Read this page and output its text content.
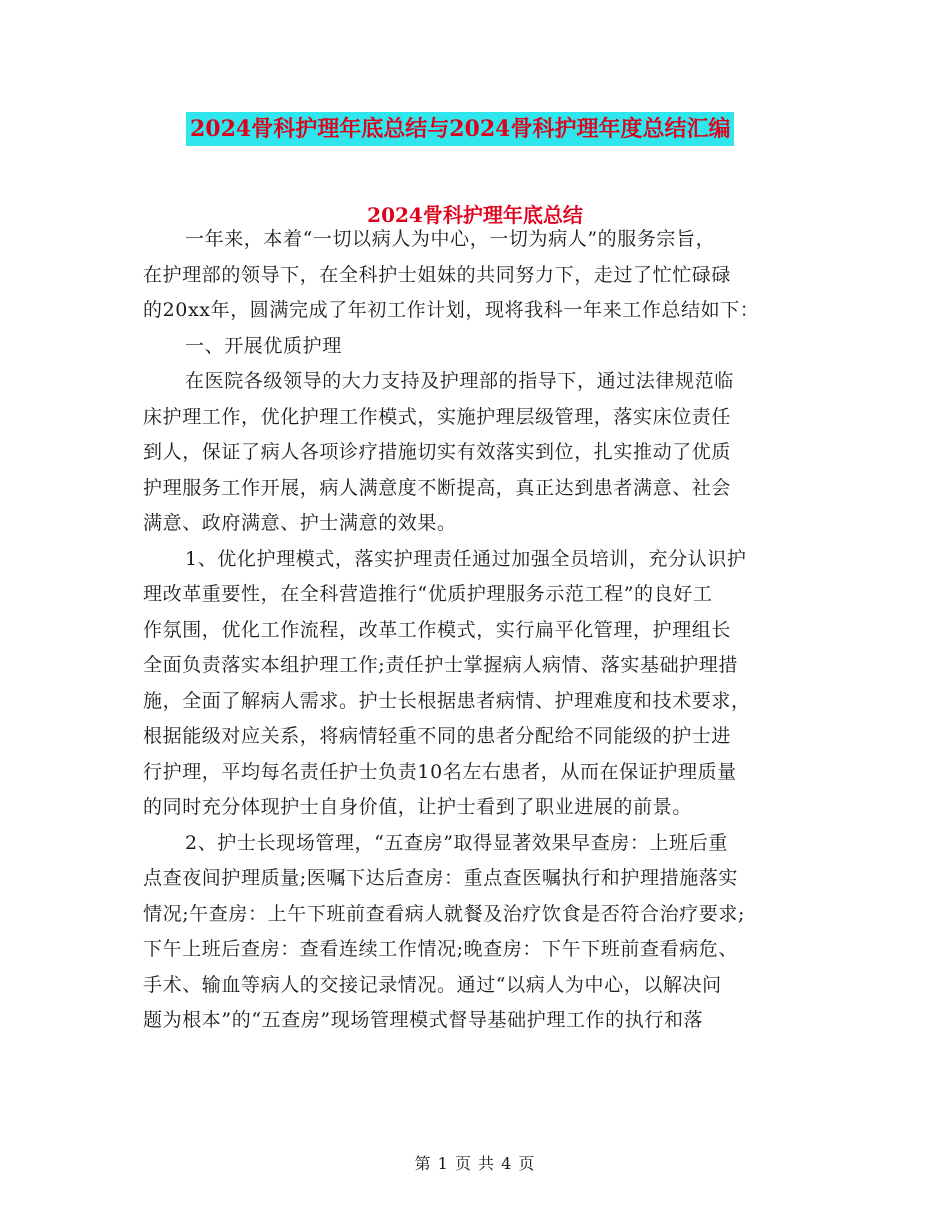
2024骨科护理年底总结与2024骨科护理年度总结汇编
2024骨科护理年底总结
一年来，本着“一切以病人为中心，一切为病人”的服务宗旨，
在护理部的领导下，在全科护士姐妹的共同努力下，走过了忙忙碌碌
的20xx年，圆满完成了年初工作计划，现将我科一年来工作总结如下：
一、开展优质护理
在医院各级领导的大力支持及护理部的指导下，通过法律规范临
床护理工作，优化护理工作模式，实施护理层级管理，落实床位责任
到人，保证了病人各项诊疗措施切实有效落实到位，扎实推动了优质
护理服务工作开展，病人满意度不断提高，真正达到患者满意、社会
满意、政府满意、护士满意的效果。
1、优化护理模式，落实护理责任通过加强全员培训，充分认识护
理改革重要性，在全科营造推行“优质护理服务示范工程”的良好工
作氛围，优化工作流程，改革工作模式，实行扁平化管理，护理组长
全面负责落实本组护理工作;责任护士掌握病人病情、落实基础护理措
施，全面了解病人需求。护士长根据患者病情、护理难度和技术要求，
根据能级对应关系，将病情轻重不同的患者分配给不同能级的护士进
行护理，平均每名责任护士负责10名左右患者，从而在保证护理质量
的同时充分体现护士自身价值，让护士看到了职业进展的前景。
2、护士长现场管理，“五查房”取得显著效果早查房：上班后重
点查夜间护理质量;医嘱下达后查房：重点查医嘱执行和护理措施落实
情况;午查房：上午下班前查看病人就餐及治疗饮食是否符合治疗要求;
下午上班后查房：查看连续工作情况;晚查房：下午下班前查看病危、
手术、输血等病人的交接记录情况。通过“以病人为中心，以解决问
题为根本”的“五查房”现场管理模式督导基础护理工作的执行和落
第 1 页 共 4 页
